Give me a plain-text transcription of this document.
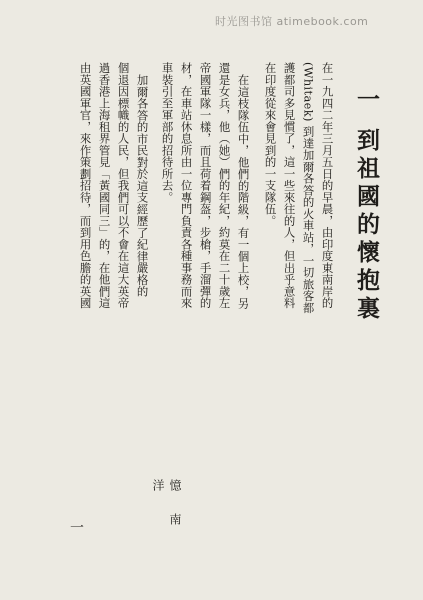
时光图书馆 atimebook.com
一 到祖國的懷抱裏
在一九四二年三月五日的早晨，由印度東南岸的
(Whitaek) 到達加爾各答的火車站，一切旅客都
護都司多見慣了，這一些來往的人，但出乎意料
在印度從來會見到的一支隊伍。
在這枝隊伍中，他們的階級，有一個上校，另
還是女兵，他（她）們的年紀，約莫在二十歲左
帝國軍隊一樣，而且荷着鋼盔，步槍，手溜彈的
材，在車站休息所由一位專門負責各種事務而來
車裝引至軍部的招待所去。
加爾各答的市民對於這支經歷了紀律嚴格的
個退因標幟的人民，但我們可以不會在這大英帝
過香港上海租界管見「黃國同三」的，在他們這
由英國軍官，來作策劃招待，而到用色膽的英國
憶 南 洋
一
